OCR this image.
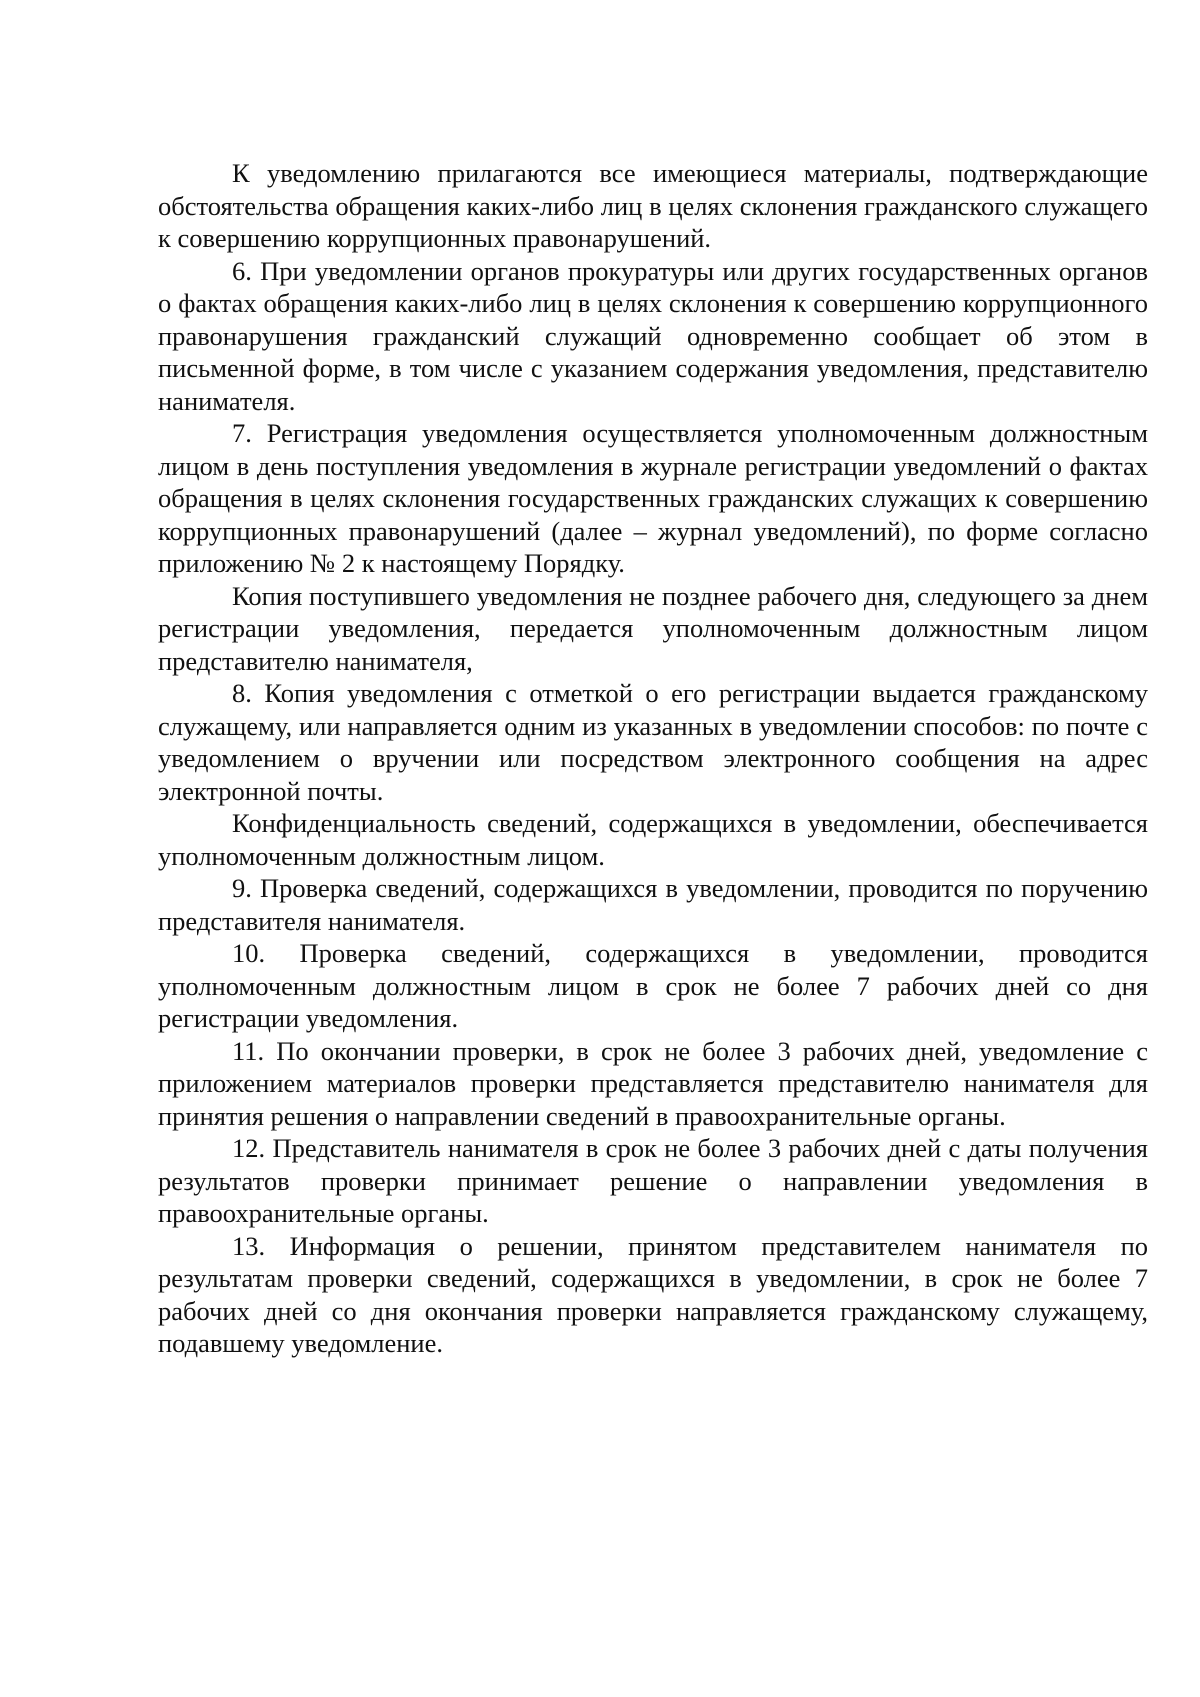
К уведомлению прилагаются все имеющиеся материалы, подтверждающие обстоятельства обращения каких-либо лиц в целях склонения гражданского служащего к совершению коррупционных правонарушений.

6. При уведомлении органов прокуратуры или других государственных органов о фактах обращения каких-либо лиц в целях склонения к совершению коррупционного правонарушения гражданский служащий одновременно сообщает об этом в письменной форме, в том числе с указанием содержания уведомления, представителю нанимателя.

7. Регистрация уведомления осуществляется уполномоченным должностным лицом в день поступления уведомления в журнале регистрации уведомлений о фактах обращения в целях склонения государственных гражданских служащих к совершению коррупционных правонарушений (далее – журнал уведомлений), по форме согласно приложению № 2 к настоящему Порядку.

Копия поступившего уведомления не позднее рабочего дня, следующего за днем регистрации уведомления, передается уполномоченным должностным лицом представителю нанимателя,

8. Копия уведомления с отметкой о его регистрации выдается гражданскому служащему, или направляется одним из указанных в уведомлении способов: по почте с уведомлением о вручении или посредством электронного сообщения на адрес электронной почты.

Конфиденциальность сведений, содержащихся в уведомлении, обеспечивается уполномоченным должностным лицом.

9. Проверка сведений, содержащихся в уведомлении, проводится по поручению представителя нанимателя.

10. Проверка сведений, содержащихся в уведомлении, проводится уполномоченным должностным лицом в срок не более 7 рабочих дней со дня регистрации уведомления.

11. По окончании проверки, в срок не более 3 рабочих дней, уведомление с приложением материалов проверки представляется представителю нанимателя для принятия решения о направлении сведений в правоохранительные органы.

12. Представитель нанимателя в срок не более 3 рабочих дней с даты получения результатов проверки принимает решение о направлении уведомления в правоохранительные органы.

13. Информация о решении, принятом представителем нанимателя по результатам проверки сведений, содержащихся в уведомлении, в срок не более 7 рабочих дней со дня окончания проверки направляется гражданскому служащему, подавшему уведомление.
